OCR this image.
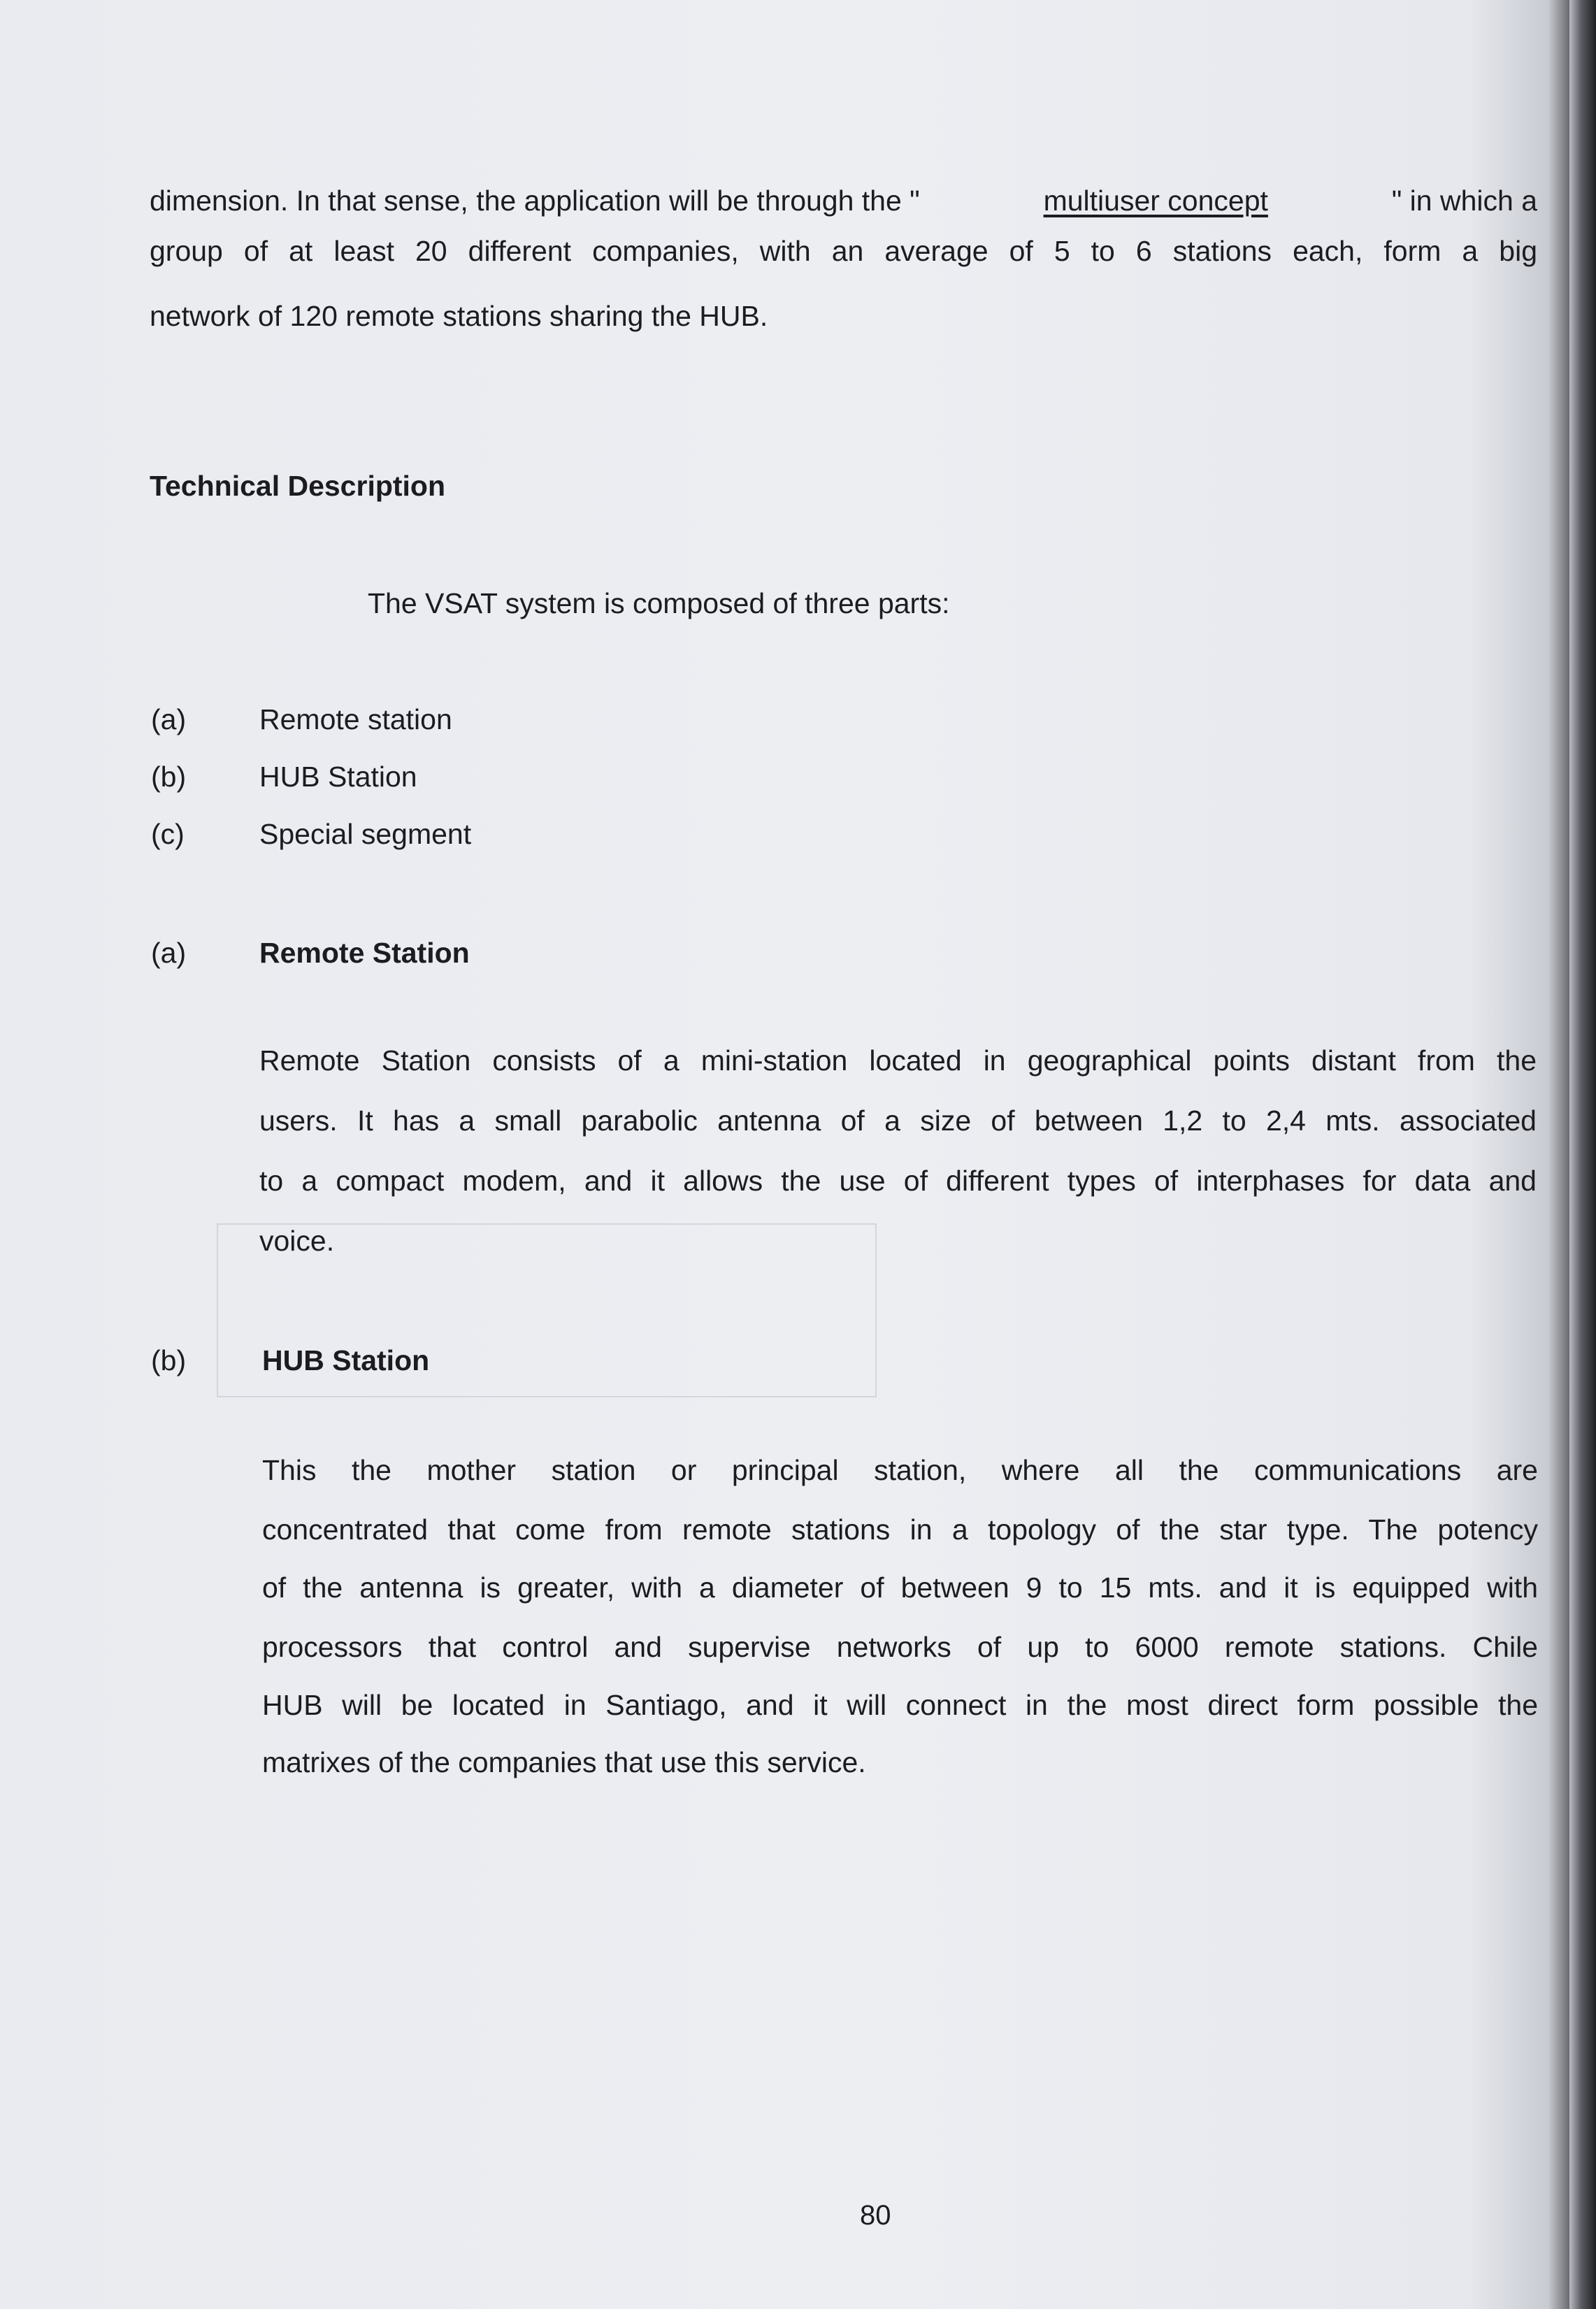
dimension. In that sense, the application will be through the "	multiuser concept	" in which a
group of at least 20 different companies, with an average of 5 to 6 stations each, form a big
network of 120 remote stations sharing the HUB.
Technical Description
The VSAT system is composed of three parts:
(a)	Remote station
(b)	HUB Station
(c)	Special segment
(a)	Remote Station
Remote Station consists of a mini-station located in geographical points distant from the
users. It has a small parabolic antenna of a size of between 1,2 to 2,4 mts. associated
to a compact modem, and it allows the use of different types of interphases for data and
voice.
(b)	HUB Station
This the mother station or principal station, where all the communications are
concentrated that come from remote stations in a topology of the star type. The potency
of the antenna is greater, with a diameter of between 9 to 15 mts. and it is equipped with
processors that control and supervise networks of up to 6000 remote stations. Chile
HUB will be located in Santiago, and it will connect in the most direct form possible the
matrixes of the companies that use this service.
80
